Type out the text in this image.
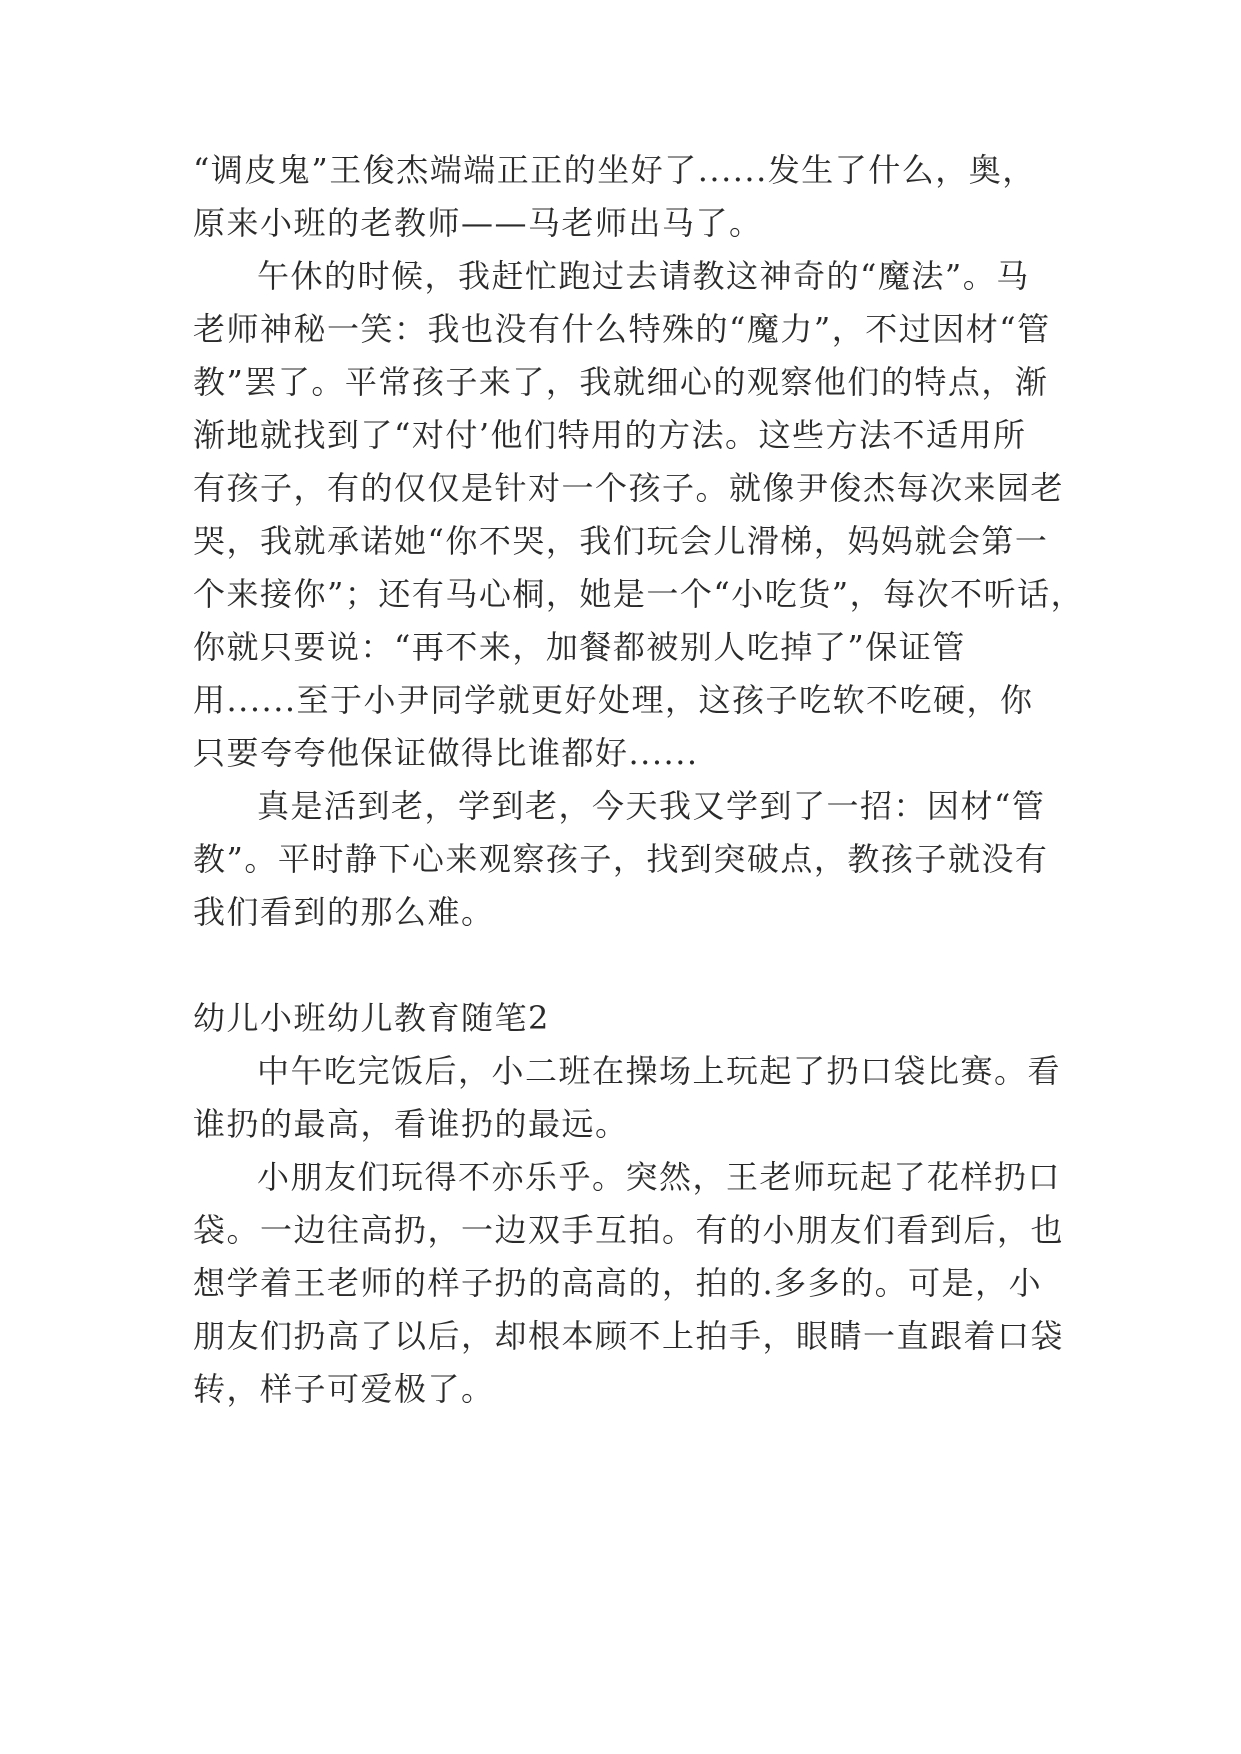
“调皮鬼”王俊杰端端正正的坐好了......发生了什么，奥，
原来小班的老教师——马老师出马了。
午休的时候，我赶忙跑过去请教这神奇的“魔法”。马
老师神秘一笑：我也没有什么特殊的“魔力”，不过因材“管
教”罢了。平常孩子来了，我就细心的观察他们的特点，渐
渐地就找到了“对付’他们特用的方法。这些方法不适用所
有孩子，有的仅仅是针对一个孩子。就像尹俊杰每次来园老
哭，我就承诺她“你不哭，我们玩会儿滑梯，妈妈就会第一
个来接你”；还有马心桐，她是一个“小吃货”，每次不听话，
你就只要说：“再不来，加餐都被别人吃掉了”保证管
用......至于小尹同学就更好处理，这孩子吃软不吃硬，你
只要夸夸他保证做得比谁都好......
真是活到老，学到老，今天我又学到了一招：因材“管
教”。平时静下心来观察孩子，找到突破点，教孩子就没有
我们看到的那么难。
幼儿小班幼儿教育随笔2
中午吃完饭后，小二班在操场上玩起了扔口袋比赛。看
谁扔的最高，看谁扔的最远。
小朋友们玩得不亦乐乎。突然，王老师玩起了花样扔口
袋。一边往高扔，一边双手互拍。有的小朋友们看到后，也
想学着王老师的样子扔的高高的，拍的.多多的。可是，小
朋友们扔高了以后，却根本顾不上拍手，眼睛一直跟着口袋
转，样子可爱极了。
